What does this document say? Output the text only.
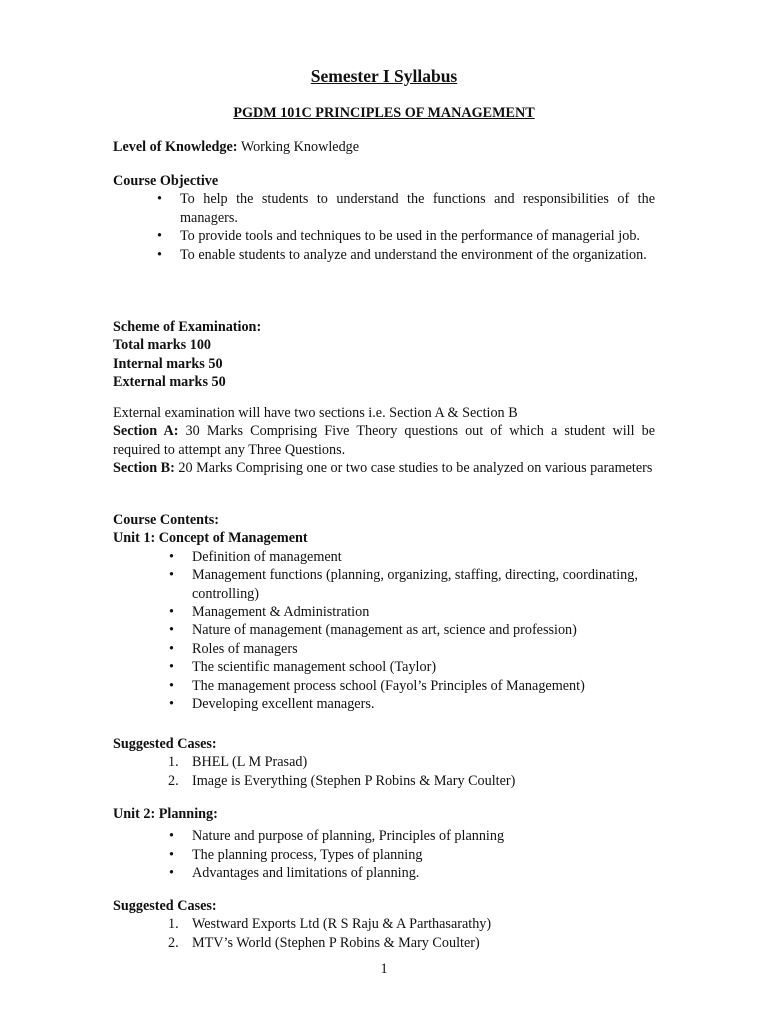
Semester I Syllabus
PGDM 101C PRINCIPLES OF MANAGEMENT
Level of Knowledge: Working Knowledge
Course Objective
• To help the students to understand the functions and responsibilities of the managers.
• To provide tools and techniques to be used in the performance of managerial job.
• To enable students to analyze and understand the environment of the organization.
Scheme of Examination:
Total marks 100
Internal marks 50
External marks 50
External examination will have two sections i.e. Section A & Section B
Section A: 30 Marks Comprising Five Theory questions out of which a student will be required to attempt any Three Questions.
Section B: 20 Marks Comprising one or two case studies to be analyzed on various parameters
Course Contents:
Unit 1: Concept of Management
• Definition of management
• Management functions (planning, organizing, staffing, directing, coordinating, controlling)
• Management & Administration
• Nature of management (management as art, science and profession)
• Roles of managers
• The scientific management school (Taylor)
• The management process school (Fayol’s Principles of Management)
• Developing excellent managers.
Suggested Cases:
1. BHEL (L M Prasad)
2. Image is Everything (Stephen P Robins & Mary Coulter)
Unit 2: Planning:
• Nature and purpose of planning, Principles of planning
• The planning process, Types of planning
• Advantages and limitations of planning.
Suggested Cases:
1. Westward Exports Ltd (R S Raju & A Parthasarathy)
2. MTV’s World (Stephen P Robins & Mary Coulter)
1
